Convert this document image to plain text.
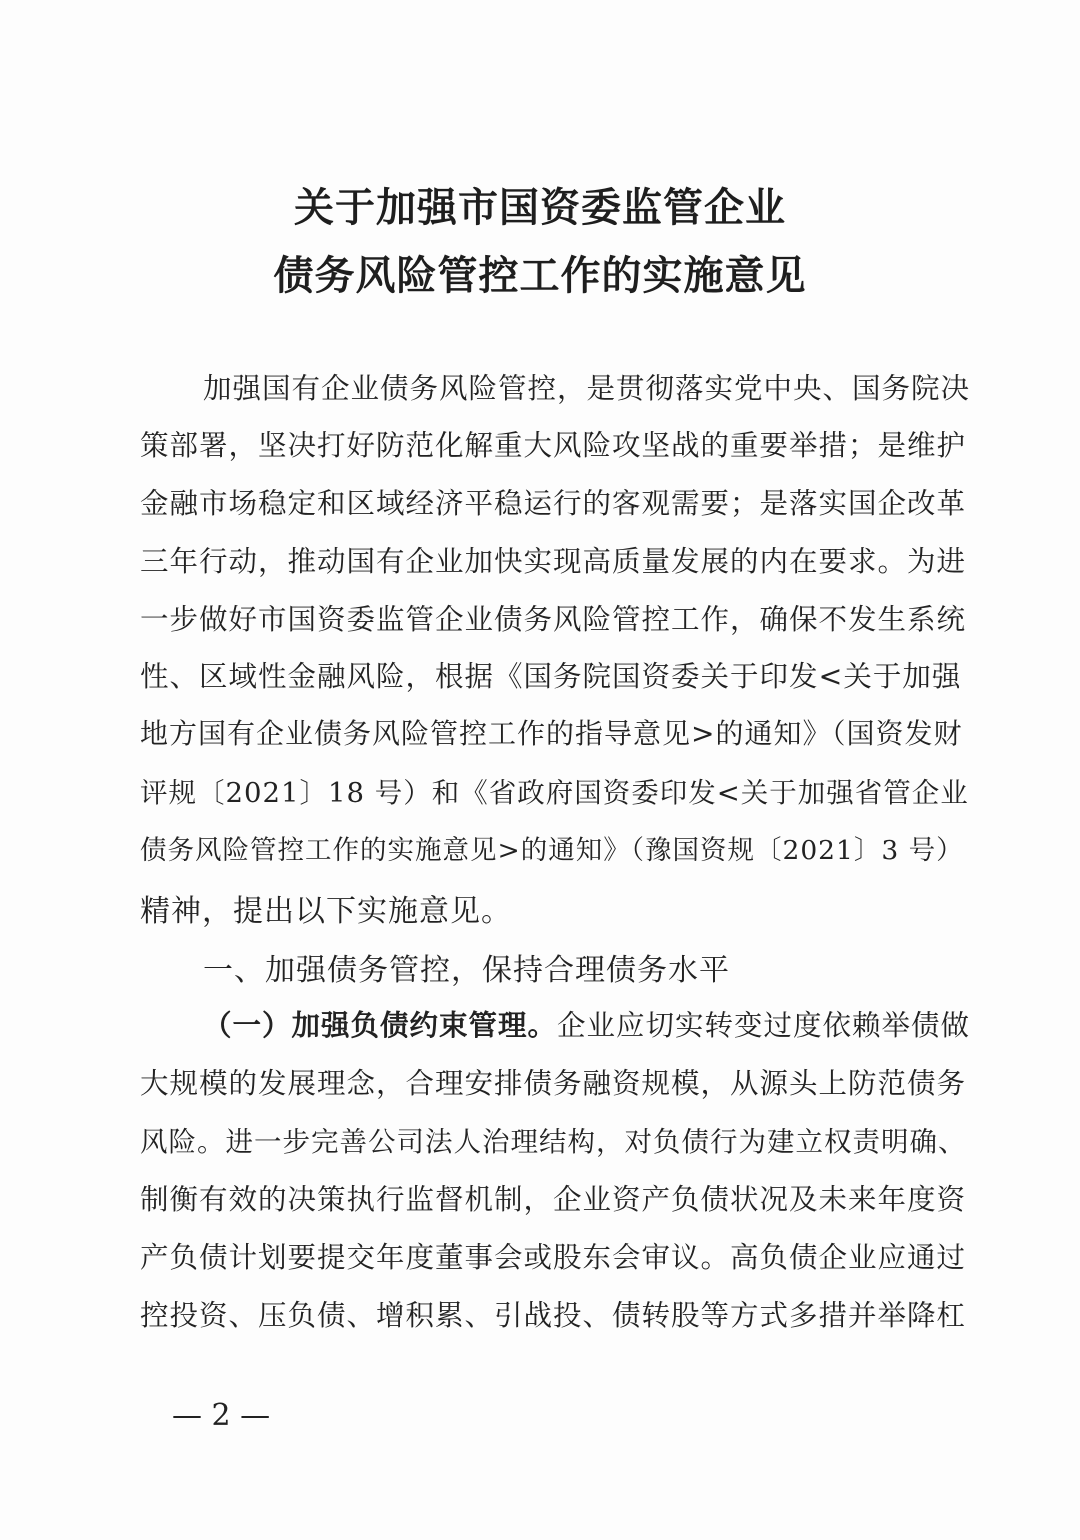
关于加强市国资委监管企业
债务风险管控工作的实施意见
加强国有企业债务风险管控，是贯彻落实党中央、国务院决
策部署，坚决打好防范化解重大风险攻坚战的重要举措；是维护
金融市场稳定和区域经济平稳运行的客观需要；是落实国企改革
三年行动，推动国有企业加快实现高质量发展的内在要求。为进
一步做好市国资委监管企业债务风险管控工作，确保不发生系统
性、区域性金融风险，根据《国务院国资委关于印发<关于加强
地方国有企业债务风险管控工作的指导意见>的通知》（国资发财
评规〔2021〕18 号）和《省政府国资委印发<关于加强省管企业
债务风险管控工作的实施意见>的通知》（豫国资规〔2021〕3 号）
精神，提出以下实施意见。
一、加强债务管控，保持合理债务水平
（一）加强负债约束管理。企业应切实转变过度依赖举债做
大规模的发展理念，合理安排债务融资规模，从源头上防范债务
风险。进一步完善公司法人治理结构，对负债行为建立权责明确、
制衡有效的决策执行监督机制，企业资产负债状况及未来年度资
产负债计划要提交年度董事会或股东会审议。高负债企业应通过
控投资、压负债、增积累、引战投、债转股等方式多措并举降杠
— 2 —
